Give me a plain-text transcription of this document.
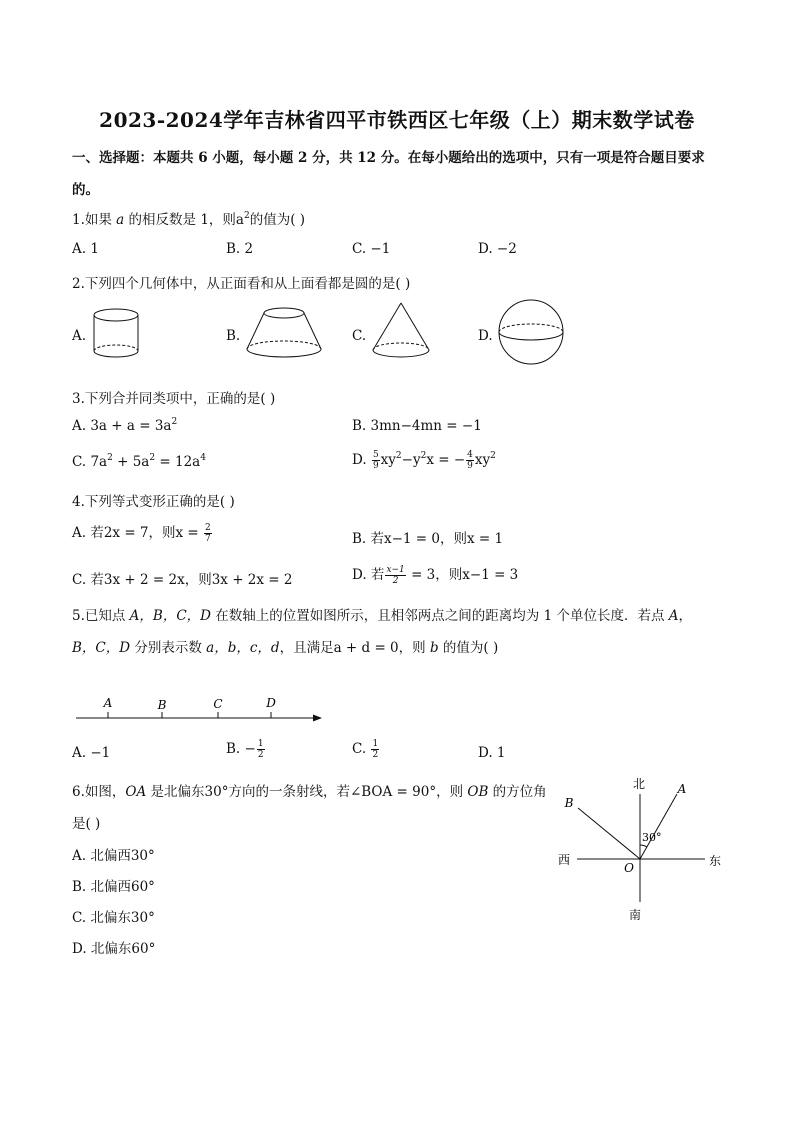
2023-2024学年吉林省四平市铁西区七年级（上）期末数学试卷
一、选择题：本题共 6 小题，每小题 2 分，共 12 分。在每小题给出的选项中，只有一项是符合题目要求
的。
1.如果 a 的相反数是 1，则$a^2$的值为( )
A. 1	B. 2	C. −1	D. −2
2.下列四个几何体中，从正面看和从上面看都是圆的是( )
A.	B.	C.	D.
3.下列合并同类项中，正确的是( )
A. $3a + a = 3a^2$	B. 3mn−4mn = −1
C. $7a^2 + 5a^2 = 12a^4$	D. $\frac{5}{9} xy^2-y^2x$ = − $\frac{4}{9} xy^2$
4.下列等式变形正确的是( )
A. 若2x = 7，则$x = \frac{2}{7}$	B. 若x−1 = 0，则x = 1
C. 若3x + 2 = 2x，则3x + 2x = 2	D. 若 $\frac{x-1}{2} = 3$，则x−1 = 3
5.已知点 A，B，C，D 在数轴上的位置如图所示，且相邻两点之间的距离均为 1 个单位长度．若点 A，
B，C，D 分别表示数 a，b，c，d，且满足a + d = 0，则 b 的值为( )
A	B	C	D
A. −1	B. − $\frac{1}{2}$	C. $\frac{1}{2}$	D. 1
6.如图，OA 是北偏东30°方向的一条射线，若∠BOA = 90°，则 OB 的方位角
是( )
A. 北偏西30°
B. 北偏西60°
C. 北偏东30°
D. 北偏东60°
北
南
西	东
O
A
B
30°
